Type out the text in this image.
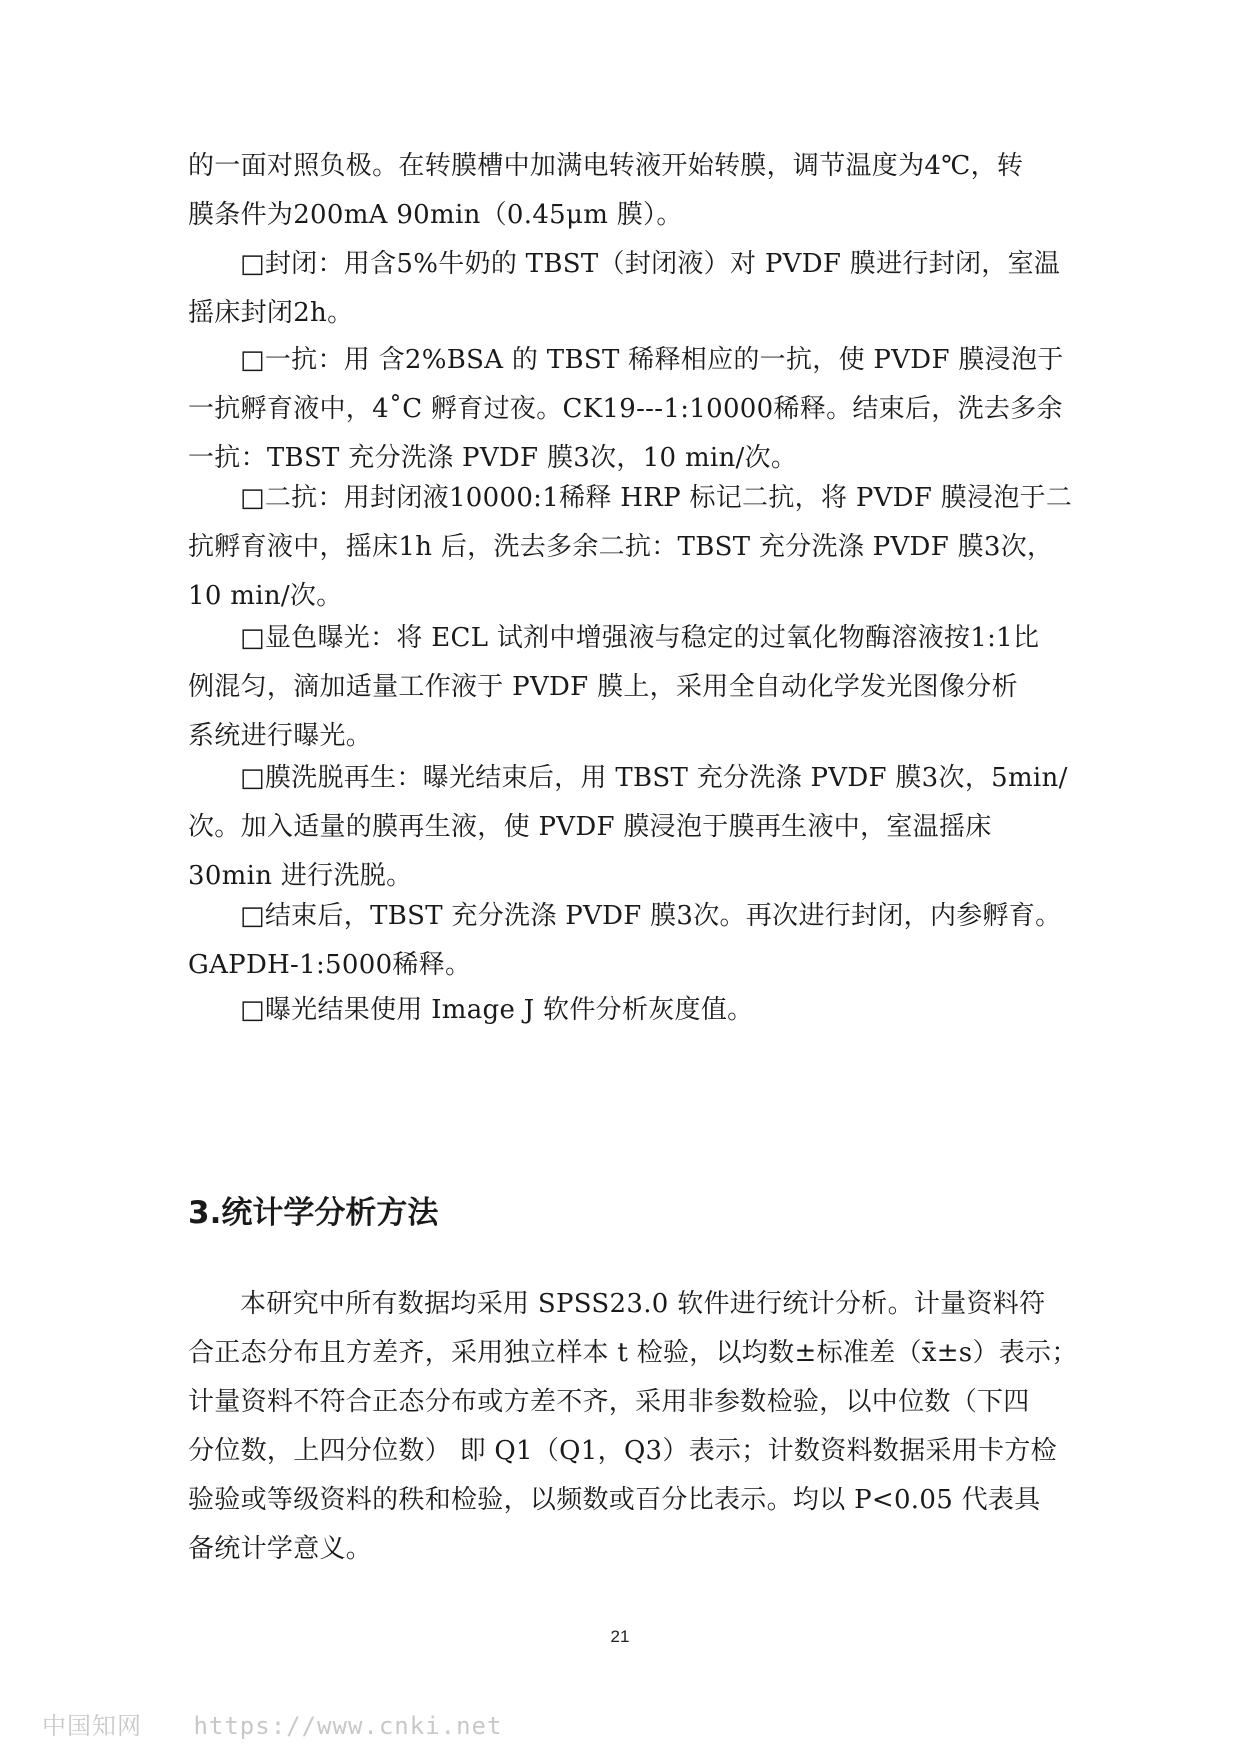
的一面对照负极。在转膜槽中加满电转液开始转膜，调节温度为4℃，转
膜条件为200mA 90min（0.45μm 膜）。

□封闭：用含5%牛奶的 TBST（封闭液）对 PVDF 膜进行封闭，室温
摇床封闭2h。

□一抗：用 含2%BSA 的 TBST 稀释相应的一抗，使 PVDF 膜浸泡于
一抗孵育液中，4˚C 孵育过夜。CK19---1:10000稀释。结束后，洗去多余
一抗：TBST 充分洗涤 PVDF 膜3次，10 min/次。

□二抗：用封闭液10000:1稀释 HRP 标记二抗，将 PVDF 膜浸泡于二
抗孵育液中，摇床1h 后，洗去多余二抗：TBST 充分洗涤 PVDF 膜3次，
10 min/次。

□显色曝光：将 ECL 试剂中增强液与稳定的过氧化物酶溶液按1:1比
例混匀，滴加适量工作液于 PVDF 膜上，采用全自动化学发光图像分析
系统进行曝光。

□膜洗脱再生：曝光结束后，用 TBST 充分洗涤 PVDF 膜3次，5min/
次。加入适量的膜再生液，使 PVDF 膜浸泡于膜再生液中，室温摇床
30min 进行洗脱。

□结束后，TBST 充分洗涤 PVDF 膜3次。再次进行封闭，内参孵育。
GAPDH-1:5000稀释。

□曝光结果使用 Image J 软件分析灰度值。

3.统计学分析方法

本研究中所有数据均采用 SPSS23.0 软件进行统计分析。计量资料符
合正态分布且方差齐，采用独立样本 t 检验，以均数±标准差（x̄±s）表示；
计量资料不符合正态分布或方差不齐，采用非参数检验，以中位数（下四
分位数，上四分位数） 即 Q1（Q1，Q3）表示；计数资料数据采用卡方检
验验或等级资料的秩和检验，以频数或百分比表示。均以 P<0.05 代表具
备统计学意义。

21
中国知网 https://www.cnki.net
